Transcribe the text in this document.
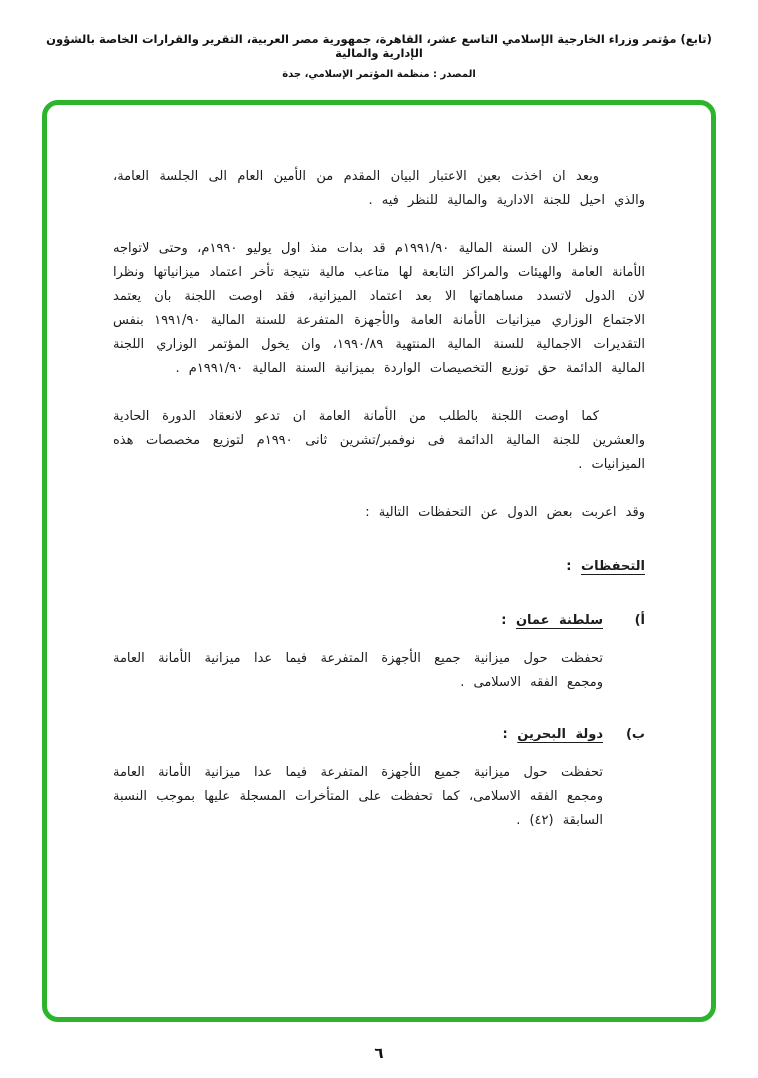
(تابع) مؤتمر وزراء الخارجية الإسلامي التاسع عشر، القاهرة، جمهورية مصر العربية، التقرير والقرارات الخاصة بالشؤون الإدارية والمالية
المصدر : منظمة المؤتمر الإسلامي، جدة

وبعد ان اخذت بعين الاعتبار البيان المقدم من الأمين العام الى الجلسة العامة، والذي احيل للجنة الادارية والمالية للنظر فيه .

ونظرا لان السنة المالية ١٩٩١/٩٠م قد بدات منذ اول يوليو ١٩٩٠م، وحتى لاتواجه الأمانة العامة والهيئات والمراكز التابعة لها متاعب مالية نتيجة تأخر اعتماد ميزانياتها ونظرا لان الدول لاتسدد مساهماتها الا بعد اعتماد الميزانية، فقد اوصت اللجنة بان يعتمد الاجتماع الوزاري ميزانيات الأمانة العامة والأجهزة المتفرعة للسنة المالية ١٩٩١/٩٠ بنفس التقديرات الاجمالية للسنة المالية المنتهية ١٩٩٠/٨٩، وان يخول المؤتمر الوزاري اللجنة المالية الدائمة حق توزيع التخصيصات الواردة بميزانية السنة المالية ١٩٩١/٩٠م .

كما اوصت اللجنة بالطلب من الأمانة العامة ان تدعو لانعقاد الدورة الحادية والعشرين للجنة المالية الدائمة فى نوفمبر/تشرين ثانى ١٩٩٠م لتوزيع مخصصات هذه الميزانيات .

وقد اعربت بعض الدول عن التحفظات التالية :

التحفظات :
أ)
سلطنة عمان :
تحفظت حول ميزانية جميع الأجهزة المتفرعة فيما عدا ميزانية الأمانة العامة ومجمع الفقه الاسلامى .
ب)
دولة البحرين :
تحفظت حول ميزانية جميع الأجهزة المتفرعة فيما عدا ميزانية الأمانة العامة ومجمع الفقه الاسلامى، كما تحفظت على المتأخرات المسجلة عليها بموجب النسبة السابقة (٤٢) .
٦
